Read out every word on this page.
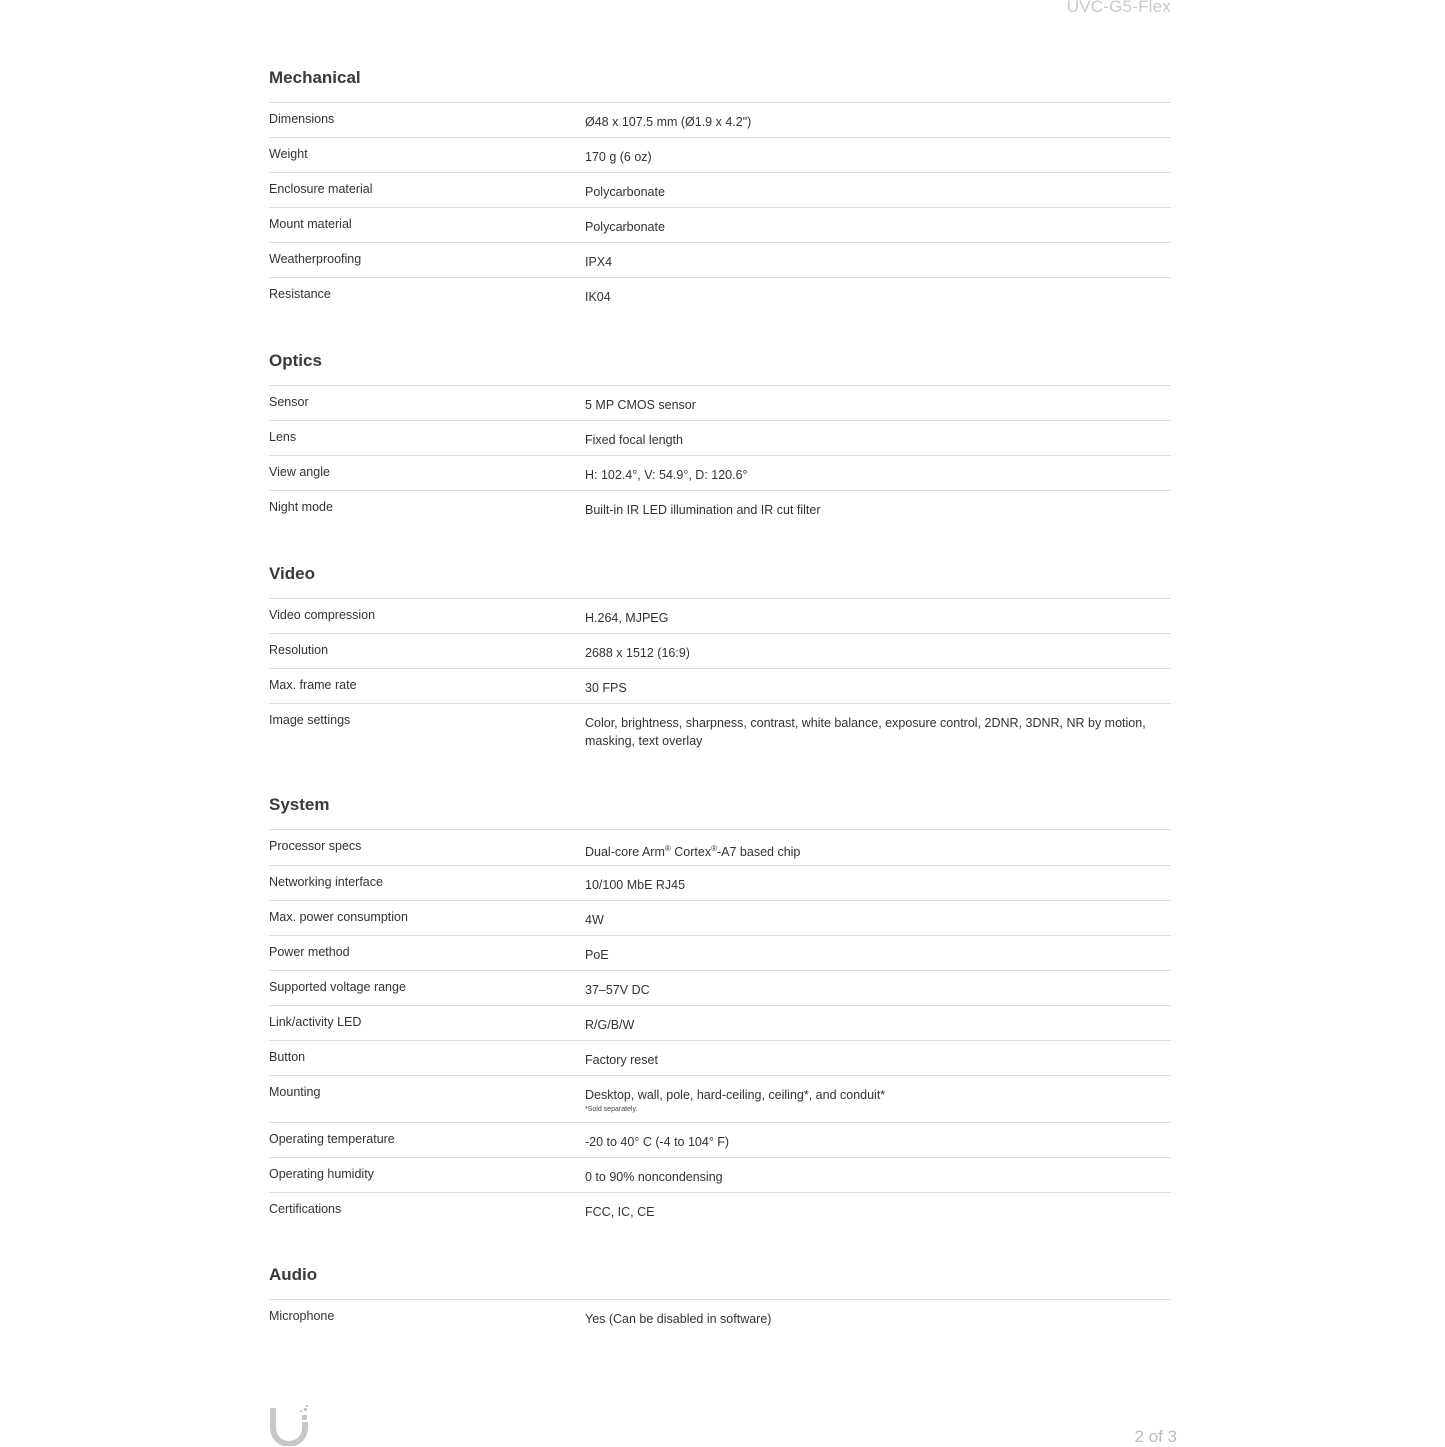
UVC-G5-Flex
Mechanical
Dimensions	Ø48 x 107.5 mm (Ø1.9 x 4.2")
Weight	170 g (6 oz)
Enclosure material	Polycarbonate
Mount material	Polycarbonate
Weatherproofing	IPX4
Resistance	IK04
Optics
Sensor	5 MP CMOS sensor
Lens	Fixed focal length
View angle	H: 102.4°, V: 54.9°, D: 120.6°
Night mode	Built-in IR LED illumination and IR cut filter
Video
Video compression	H.264, MJPEG
Resolution	2688 x 1512 (16:9)
Max. frame rate	30 FPS
Image settings	Color, brightness, sharpness, contrast, white balance, exposure control, 2DNR, 3DNR, NR by motion, masking, text overlay
System
Processor specs	Dual-core Arm® Cortex®-A7 based chip
Networking interface	10/100 MbE RJ45
Max. power consumption	4W
Power method	PoE
Supported voltage range	37–57V DC
Link/activity LED	R/G/B/W
Button	Factory reset
Mounting	Desktop, wall, pole, hard-ceiling, ceiling*, and conduit*
*Sold separately.
Operating temperature	-20 to 40° C (-4 to 104° F)
Operating humidity	0 to 90% noncondensing
Certifications	FCC, IC, CE
Audio
Microphone	Yes (Can be disabled in software)
2 of 3
